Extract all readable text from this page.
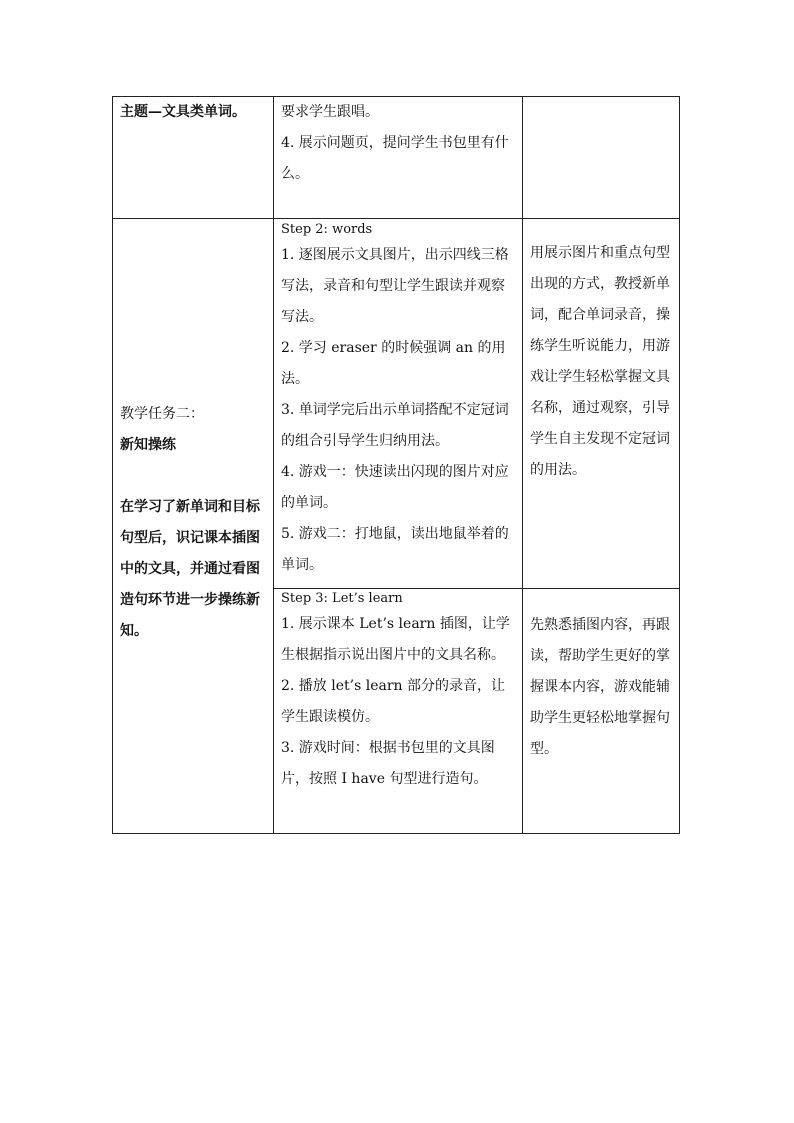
主题—文具类单词。	要求学生跟唱。

4. 展示问题页，提问学生书包里有什么。

教学任务二：

新知操练

在学习了新单词和目标句型后，识记课本插图中的文具，并通过看图造句环节进一步操练新知。

Step 2: words

1. 逐图展示文具图片，出示四线三格写法，录音和句型让学生跟读并观察写法。

2. 学习 eraser 的时候强调 an 的用法。

3. 单词学完后出示单词搭配不定冠词的组合引导学生归纳用法。

4. 游戏一：快速读出闪现的图片对应的单词。

5. 游戏二：打地鼠，读出地鼠举着的单词。

用展示图片和重点句型出现的方式，教授新单词，配合单词录音，操练学生听说能力，用游戏让学生轻松掌握文具名称，通过观察，引导学生自主发现不定冠词的用法。

Step 3: Let’s learn

1. 展示课本 Let’s learn 插图，让学生根据指示说出图片中的文具名称。

2. 播放 let’s learn 部分的录音，让学生跟读模仿。

3. 游戏时间：根据书包里的文具图片，按照 I have 句型进行造句。

先熟悉插图内容，再跟读，帮助学生更好的掌握课本内容，游戏能辅助学生更轻松地掌握句型。
